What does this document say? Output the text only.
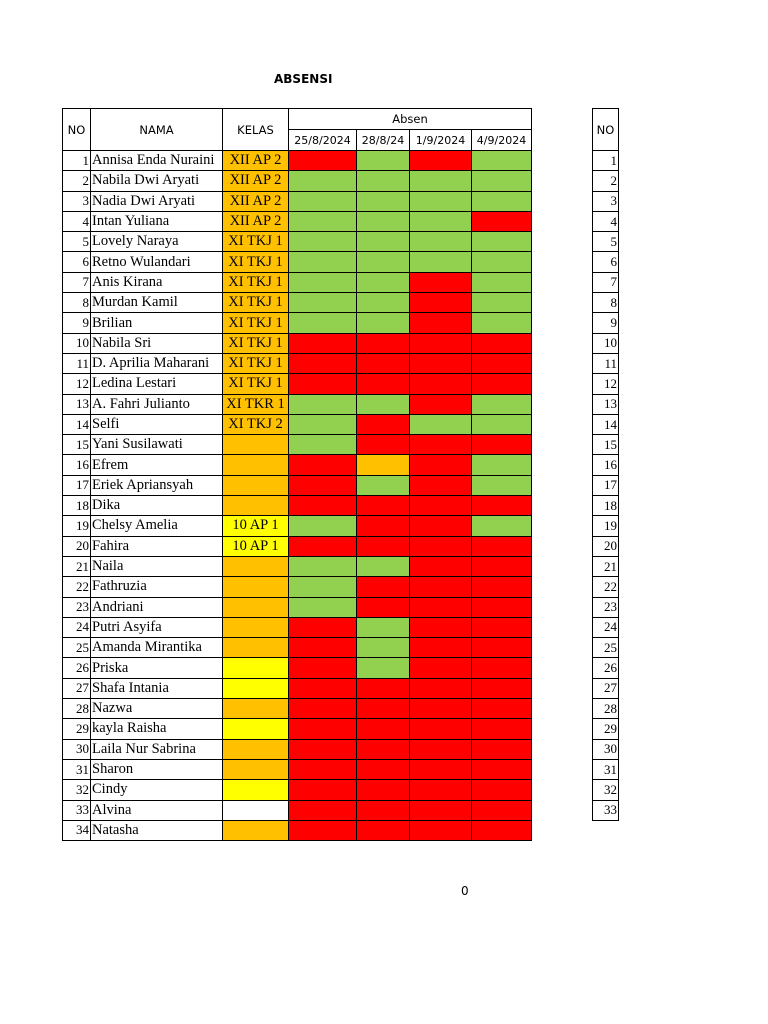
ABSENSI
NO	NAMA	KELAS	Absen			
			25/8/2024	28/8/24	1/9/2024	4/9/2024
1	Annisa Enda Nuraini	XII AP 2				
2	Nabila Dwi Aryati	XII AP 2				
3	Nadia Dwi Aryati	XII AP 2				
4	Intan Yuliana	XII AP 2				
5	Lovely Naraya	XI TKJ 1				
6	Retno Wulandari	XI TKJ 1				
7	Anis Kirana	XI TKJ 1				
8	Murdan Kamil	XI TKJ 1				
9	Brilian	XI TKJ 1				
10	Nabila Sri	XI TKJ 1				
11	D. Aprilia Maharani	XI TKJ 1				
12	Ledina Lestari	XI TKJ 1				
13	A. Fahri Julianto	XI TKR 1				
14	Selfi	XI TKJ 2				
15	Yani Susilawati					
16	Efrem					
17	Eriek Apriansyah					
18	Dika					
19	Chelsy Amelia	10 AP 1				
20	Fahira	10 AP 1				
21	Naila					
22	Fathruzia					
23	Andriani					
24	Putri Asyifa					
25	Amanda Mirantika					
26	Priska					
27	Shafa Intania					
28	Nazwa					
29	kayla Raisha					
30	Laila Nur Sabrina					
31	Sharon					
32	Cindy					
33	Alvina					
34	Natasha					
NO
1
2
3
4
5
6
7
8
9
10
11
12
13
14
15
16
17
18
19
20
21
22
23
24
25
26
27
28
29
30
31
32
33
0
